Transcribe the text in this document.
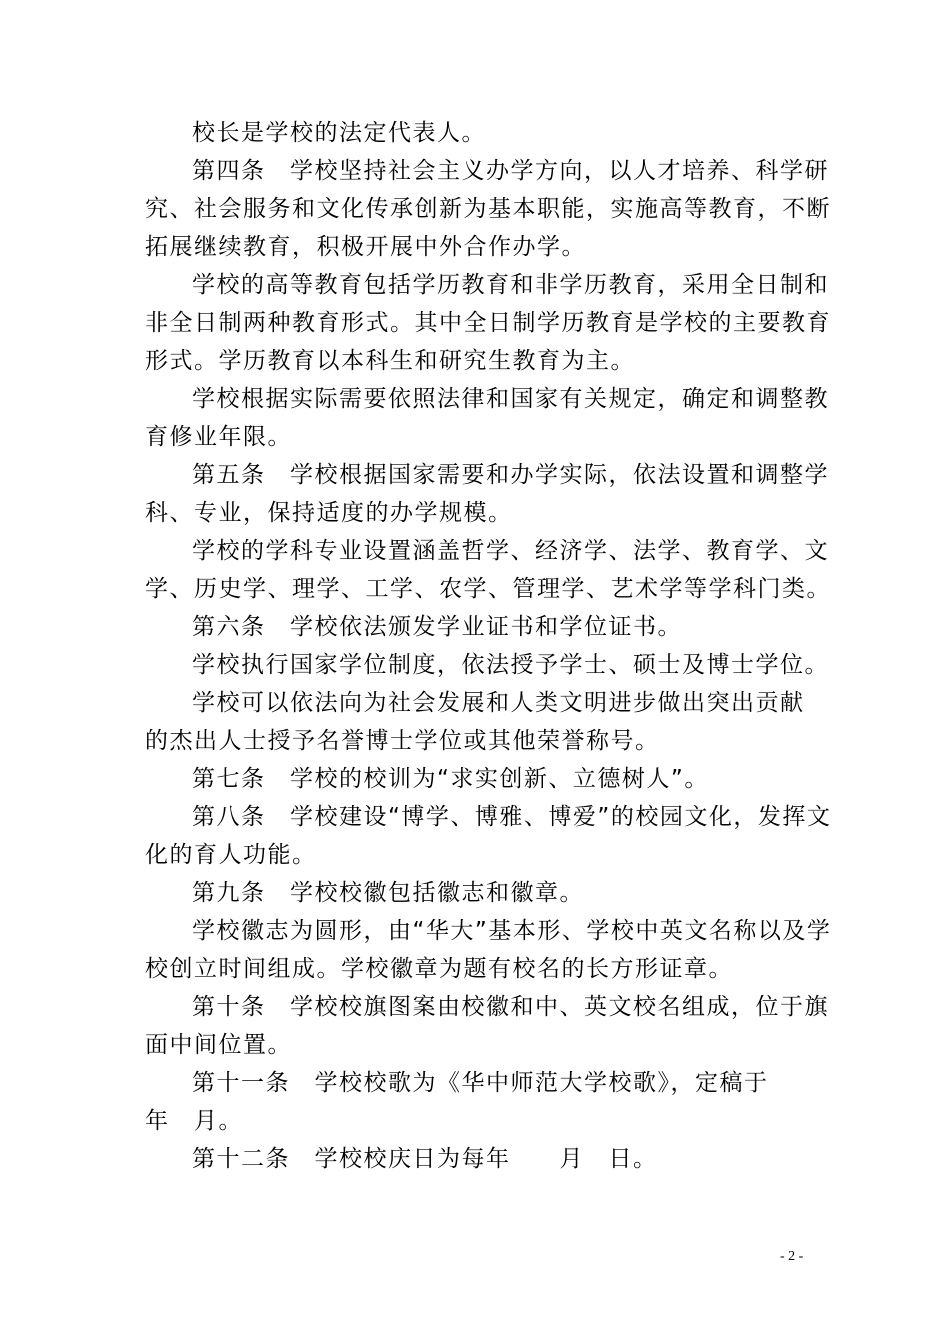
校长是学校的法定代表人。
第四条　学校坚持社会主义办学方向，以人才培养、科学研
究、社会服务和文化传承创新为基本职能，实施高等教育，不断
拓展继续教育，积极开展中外合作办学。
学校的高等教育包括学历教育和非学历教育，采用全日制和
非全日制两种教育形式。其中全日制学历教育是学校的主要教育
形式。学历教育以本科生和研究生教育为主。
学校根据实际需要依照法律和国家有关规定，确定和调整教
育修业年限。
第五条　学校根据国家需要和办学实际，依法设置和调整学
科、专业，保持适度的办学规模。
学校的学科专业设置涵盖哲学、经济学、法学、教育学、文
学、历史学、理学、工学、农学、管理学、艺术学等学科门类。
第六条　学校依法颁发学业证书和学位证书。
学校执行国家学位制度，依法授予学士、硕士及博士学位。
学校可以依法向为社会发展和人类文明进步做出突出贡献
的杰出人士授予名誉博士学位或其他荣誉称号。
第七条　学校的校训为“求实创新、立德树人”。
第八条　学校建设“博学、博雅、博爱”的校园文化，发挥文
化的育人功能。
第九条　学校校徽包括徽志和徽章。
学校徽志为圆形，由“华大”基本形、学校中英文名称以及学
校创立时间组成。学校徽章为题有校名的长方形证章。
第十条　学校校旗图案由校徽和中、英文校名组成，位于旗
面中间位置。
第十一条　学校校歌为《华中师范大学校歌》，定稿于
年　月。
第十二条　学校校庆日为每年　　月　日。
- 2 -
